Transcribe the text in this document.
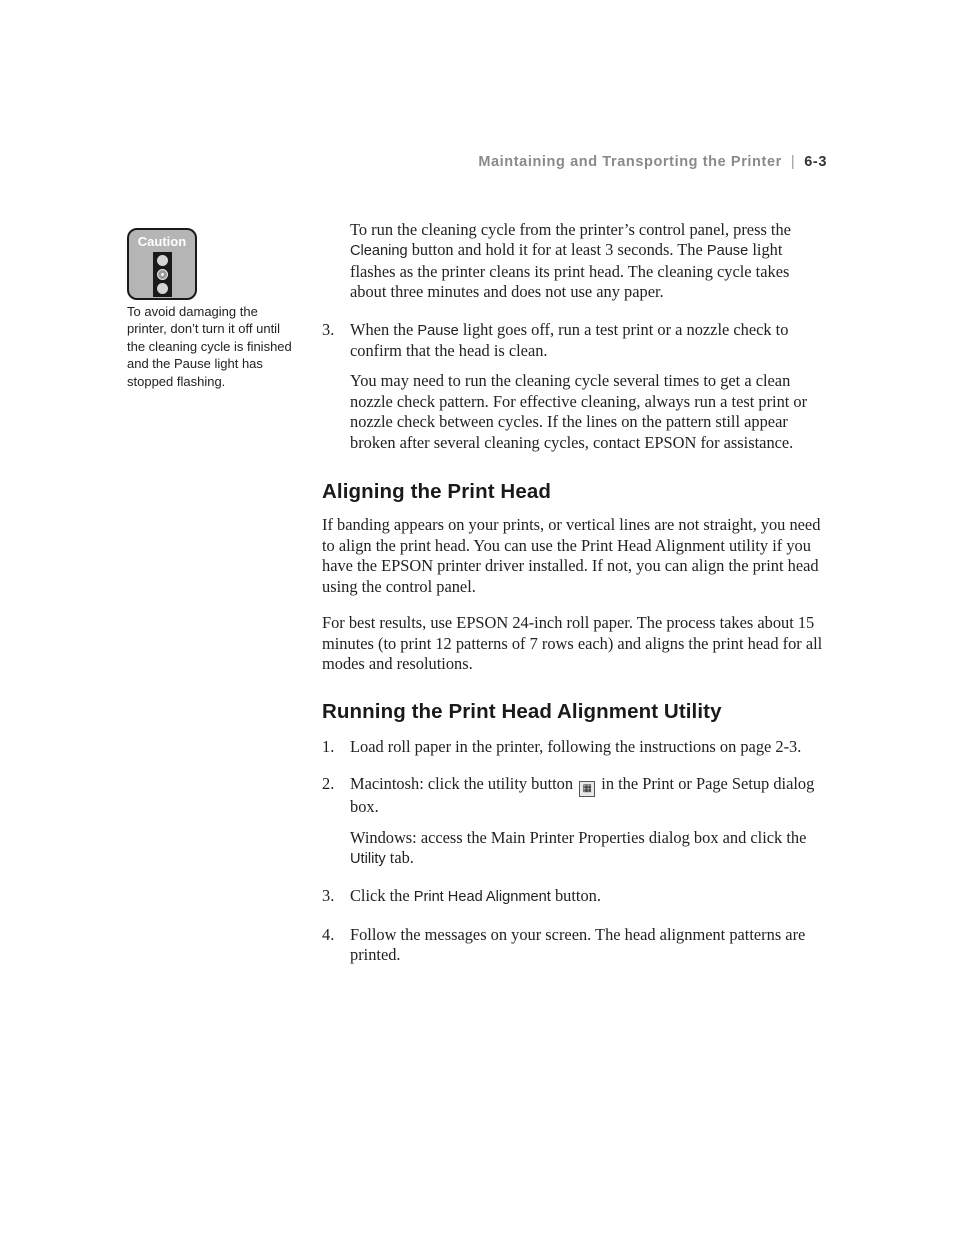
Maintaining and Transporting the Printer | 6-3
Caution
To avoid damaging the printer, don’t turn it off until the cleaning cycle is finished and the Pause light has stopped flashing.

To run the cleaning cycle from the printer’s control panel, press the Cleaning button and hold it for at least 3 seconds. The Pause light flashes as the printer cleans its print head. The cleaning cycle takes about three minutes and does not use any paper.

3. When the Pause light goes off, run a test print or a nozzle check to confirm that the head is clean.

You may need to run the cleaning cycle several times to get a clean nozzle check pattern. For effective cleaning, always run a test print or nozzle check between cycles. If the lines on the pattern still appear broken after several cleaning cycles, contact EPSON for assistance.

Aligning the Print Head

If banding appears on your prints, or vertical lines are not straight, you need to align the print head. You can use the Print Head Alignment utility if you have the EPSON printer driver installed. If not, you can align the print head using the control panel.

For best results, use EPSON 24-inch roll paper. The process takes about 15 minutes (to print 12 patterns of 7 rows each) and aligns the print head for all modes and resolutions.

Running the Print Head Alignment Utility

1. Load roll paper in the printer, following the instructions on page 2-3.

2. Macintosh: click the utility button ▦ in the Print or Page Setup dialog box.

Windows: access the Main Printer Properties dialog box and click the Utility tab.

3. Click the Print Head Alignment button.

4. Follow the messages on your screen. The head alignment patterns are printed.
